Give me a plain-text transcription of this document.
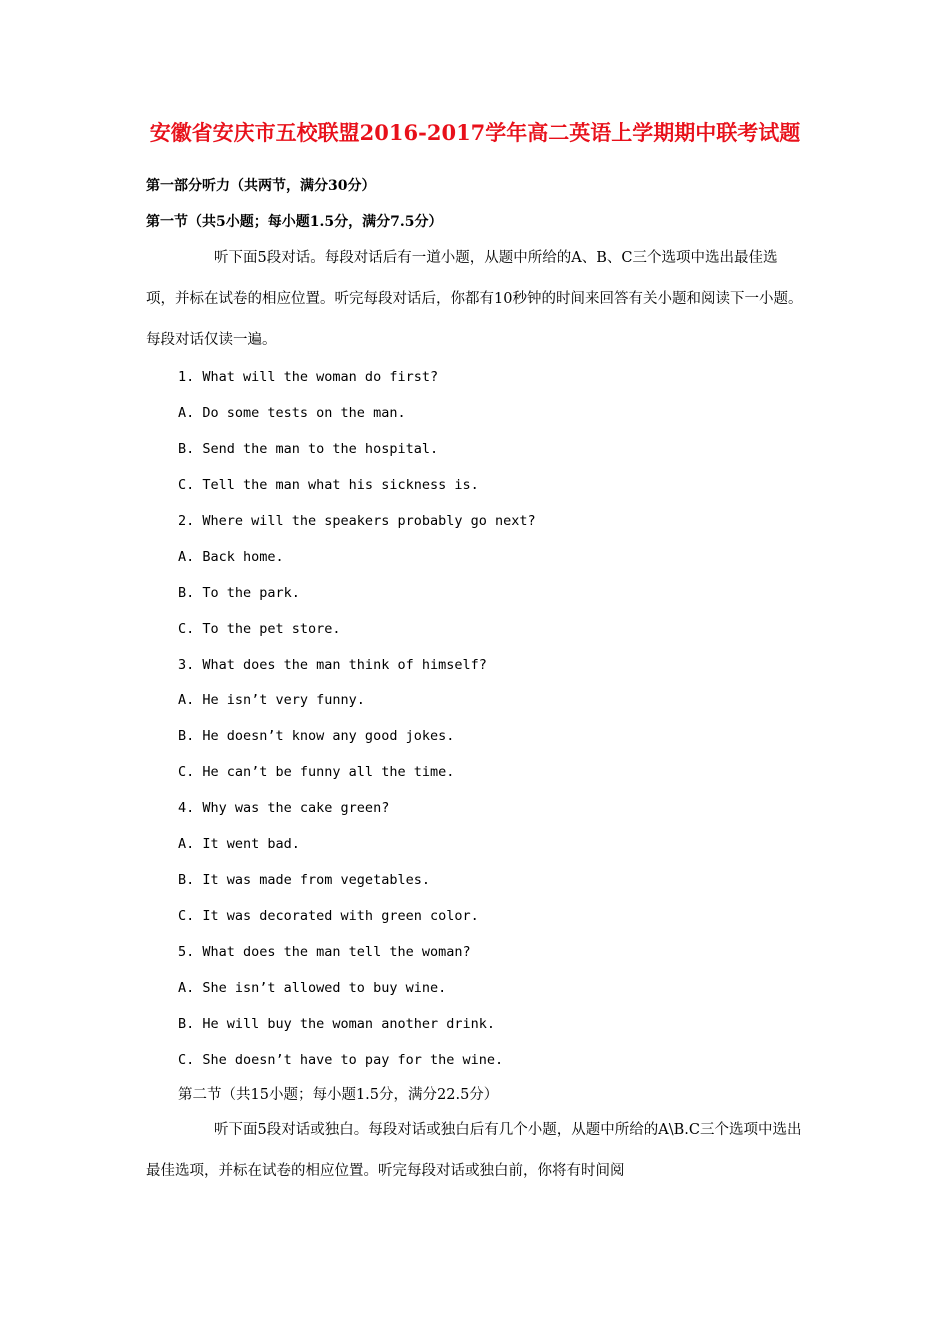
安徽省安庆市五校联盟2016-2017学年高二英语上学期期中联考试题

第一部分听力（共两节，满分30分）

第一节（共5小题；每小题1.5分，满分7.5分）

听下面5段对话。每段对话后有一道小题，从题中所给的A、B、C三个选项中选出最佳选项，并标在试卷的相应位置。听完每段对话后，你都有10秒钟的时间来回答有关小题和阅读下一小题。每段对话仅读一遍。

1. What will the woman do first?

A. Do some tests on the man.

B. Send the man to the hospital.

C. Tell the man what his sickness is.

2. Where will the speakers probably go next?

A. Back home.

B. To the park.

C. To the pet store.

3. What does the man think of himself?

A. He isn’t very funny.

B. He doesn’t know any good jokes.

C. He can’t be funny all the time.

4. Why was the cake green?

A. It went bad.

B. It was made from vegetables.

C. It was decorated with green color.

5. What does the man tell the woman?

A. She isn’t allowed to buy wine.

B. He will buy the woman another drink.

C. She doesn’t have to pay for the wine.

第二节（共15小题；每小题1.5分，满分22.5分）

听下面5段对话或独白。每段对话或独白后有几个小题，从题中所给的A\B.C三个选项中选出最佳选项，并标在试卷的相应位置。听完每段对话或独白前，你将有时间阅
